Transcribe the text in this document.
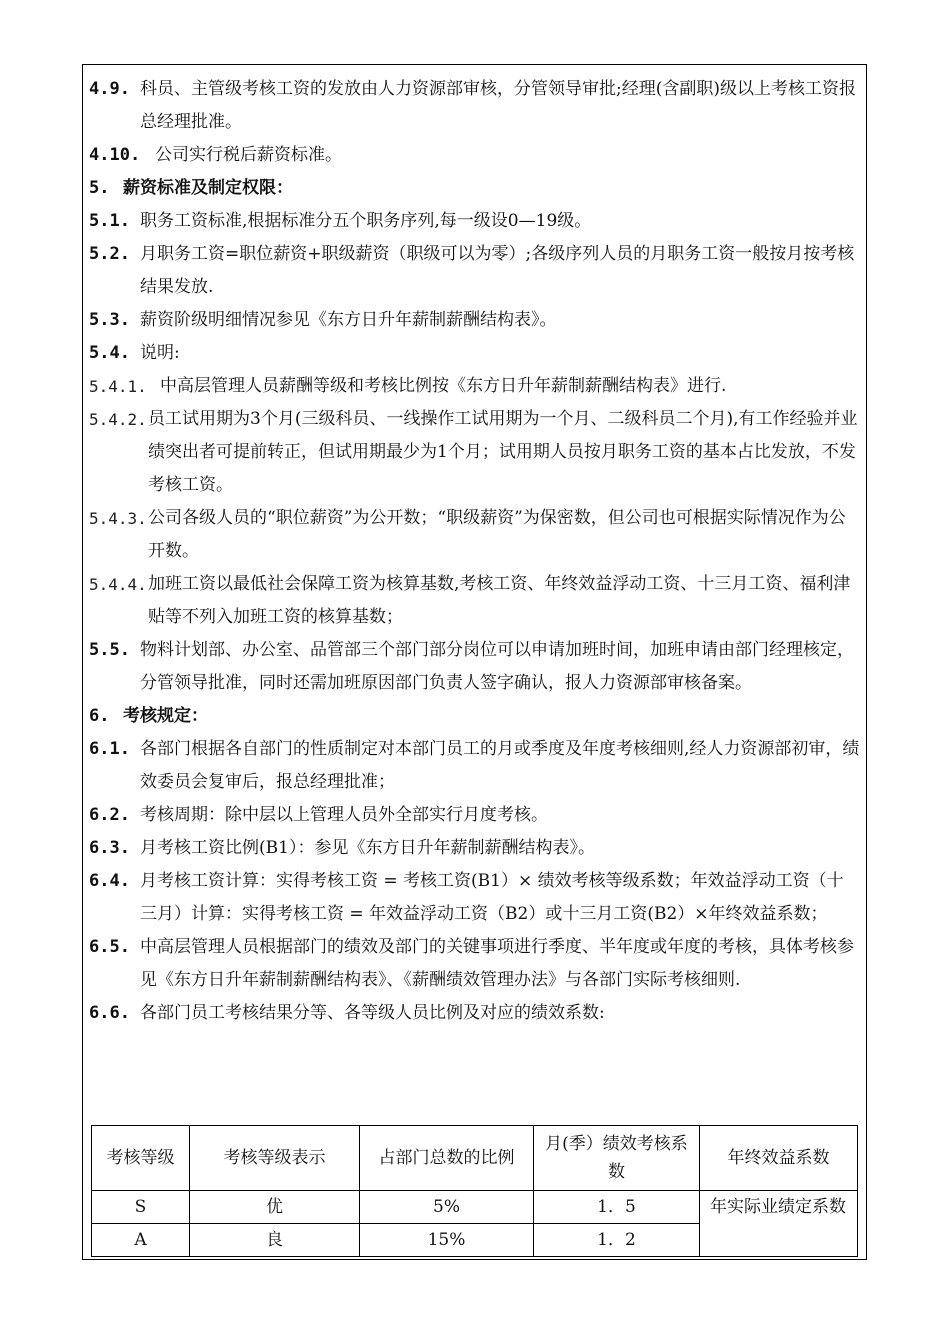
4.9. 科员、主管级考核工资的发放由人力资源部审核，分管领导审批;经理(含副职)级以上考核工资报总经理批准。
4.10. 公司实行税后薪资标准。
5. 薪资标准及制定权限：
5.1. 职务工资标准,根据标准分五个职务序列,每一级设0—19级。
5.2. 月职务工资=职位薪资+职级薪资（职级可以为零）;各级序列人员的月职务工资一般按月按考核结果发放.
5.3. 薪资阶级明细情况参见《东方日升年薪制薪酬结构表》。
5.4. 说明:
5.4.1. 中高层管理人员薪酬等级和考核比例按《东方日升年薪制薪酬结构表》进行.
5.4.2. 员工试用期为3个月(三级科员、一线操作工试用期为一个月、二级科员二个月),有工作经验并业绩突出者可提前转正，但试用期最少为1个月；试用期人员按月职务工资的基本占比发放，不发考核工资。
5.4.3. 公司各级人员的“职位薪资”为公开数；“职级薪资”为保密数，但公司也可根据实际情况作为公开数。
5.4.4. 加班工资以最低社会保障工资为核算基数,考核工资、年终效益浮动工资、十三月工资、福利津贴等不列入加班工资的核算基数；
5.5. 物料计划部、办公室、品管部三个部门部分岗位可以申请加班时间，加班申请由部门经理核定，分管领导批准，同时还需加班原因部门负责人签字确认，报人力资源部审核备案。
6. 考核规定：
6.1. 各部门根据各自部门的性质制定对本部门员工的月或季度及年度考核细则,经人力资源部初审，绩效委员会复审后，报总经理批准；
6.2. 考核周期：除中层以上管理人员外全部实行月度考核。
6.3. 月考核工资比例(B1）：参见《东方日升年薪制薪酬结构表》。
6.4. 月考核工资计算：实得考核工资 = 考核工资(B1）× 绩效考核等级系数；年效益浮动工资（十三月）计算：实得考核工资 = 年效益浮动工资（B2）或十三月工资(B2）×年终效益系数；
6.5. 中高层管理人员根据部门的绩效及部门的关键事项进行季度、半年度或年度的考核，具体考核参见《东方日升年薪制薪酬结构表》、《薪酬绩效管理办法》与各部门实际考核细则.
6.6. 各部门员工考核结果分等、各等级人员比例及对应的绩效系数:
考核等级	考核等级表示	占部门总数的比例	月(季）绩效考核系数	年终效益系数
S	优	5%	1．5	年实际业绩定系数
A	良	15%	1．2	
